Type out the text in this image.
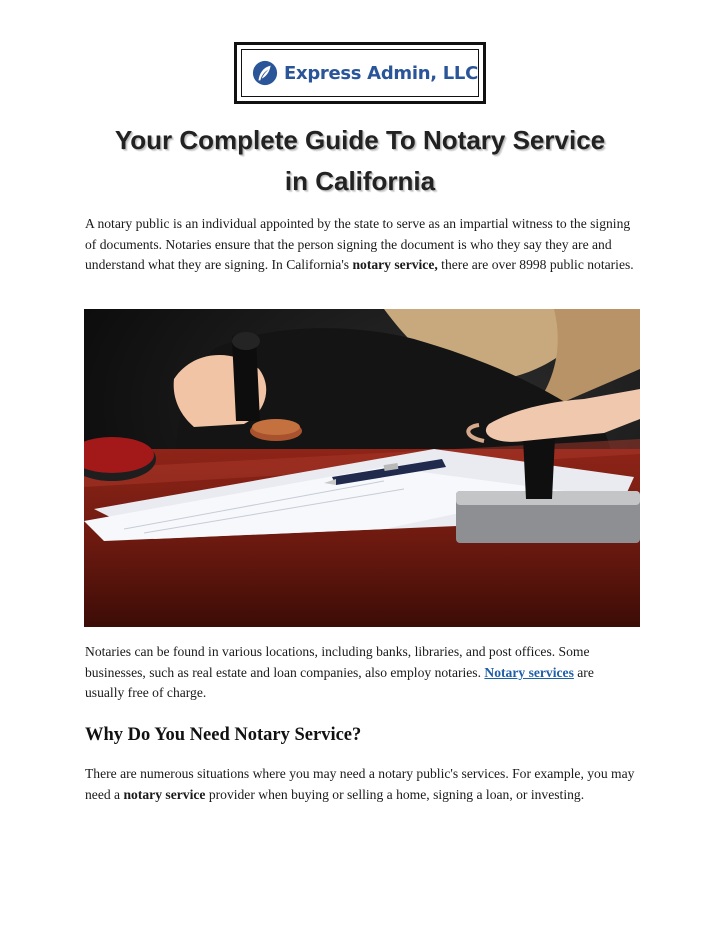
Express Admin, LLC
Your Complete Guide To Notary Service
in California

A notary public is an individual appointed by the state to serve as an impartial witness to the signing of documents. Notaries ensure that the person signing the document is who they say they are and understand what they are signing. In California's notary service, there are over 8998 public notaries.

Notaries can be found in various locations, including banks, libraries, and post offices. Some businesses, such as real estate and loan companies, also employ notaries. Notary services are usually free of charge.

Why Do You Need Notary Service?

There are numerous situations where you may need a notary public's services. For example, you may need a notary service provider when buying or selling a home, signing a loan, or investing.
